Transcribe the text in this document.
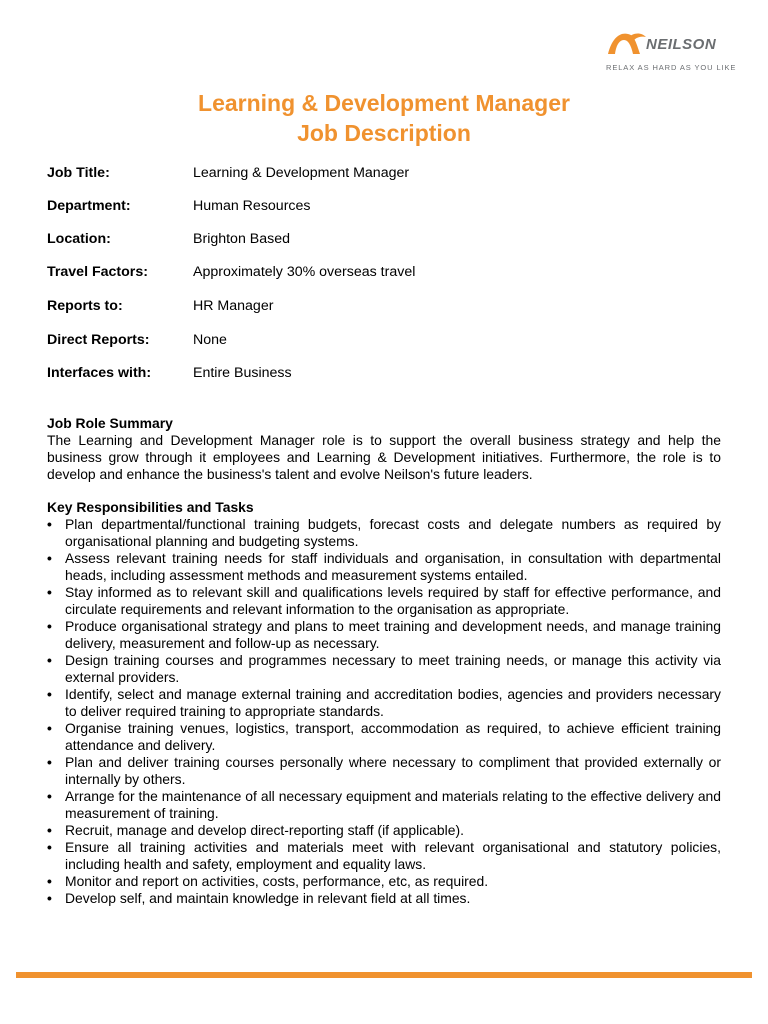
NEILSON
RELAX AS HARD AS YOU LIKE
Learning & Development Manager
Job Description
Job Title:	Learning & Development Manager
Department:	Human Resources
Location:	Brighton Based
Travel Factors:	Approximately 30% overseas travel
Reports to:	HR Manager
Direct Reports:	None
Interfaces with:	Entire Business
Job Role Summary

The Learning and Development Manager role is to support the overall business strategy and help the business grow through it employees and Learning & Development initiatives. Furthermore, the role is to develop and enhance the business's talent and evolve Neilson's future leaders.

Key Responsibilities and Tasks
• Plan departmental/functional training budgets, forecast costs and delegate numbers as required by organisational planning and budgeting systems.
• Assess relevant training needs for staff individuals and organisation, in consultation with departmental heads, including assessment methods and measurement systems entailed.
• Stay informed as to relevant skill and qualifications levels required by staff for effective performance, and circulate requirements and relevant information to the organisation as appropriate.
• Produce organisational strategy and plans to meet training and development needs, and manage training delivery, measurement and follow-up as necessary.
• Design training courses and programmes necessary to meet training needs, or manage this activity via external providers.
• Identify, select and manage external training and accreditation bodies, agencies and providers necessary to deliver required training to appropriate standards.
• Organise training venues, logistics, transport, accommodation as required, to achieve efficient training attendance and delivery.
• Plan and deliver training courses personally where necessary to compliment that provided externally or internally by others.
• Arrange for the maintenance of all necessary equipment and materials relating to the effective delivery and measurement of training.
• Recruit, manage and develop direct-reporting staff (if applicable).
• Ensure all training activities and materials meet with relevant organisational and statutory policies, including health and safety, employment and equality laws.
• Monitor and report on activities, costs, performance, etc, as required.
• Develop self, and maintain knowledge in relevant field at all times.
